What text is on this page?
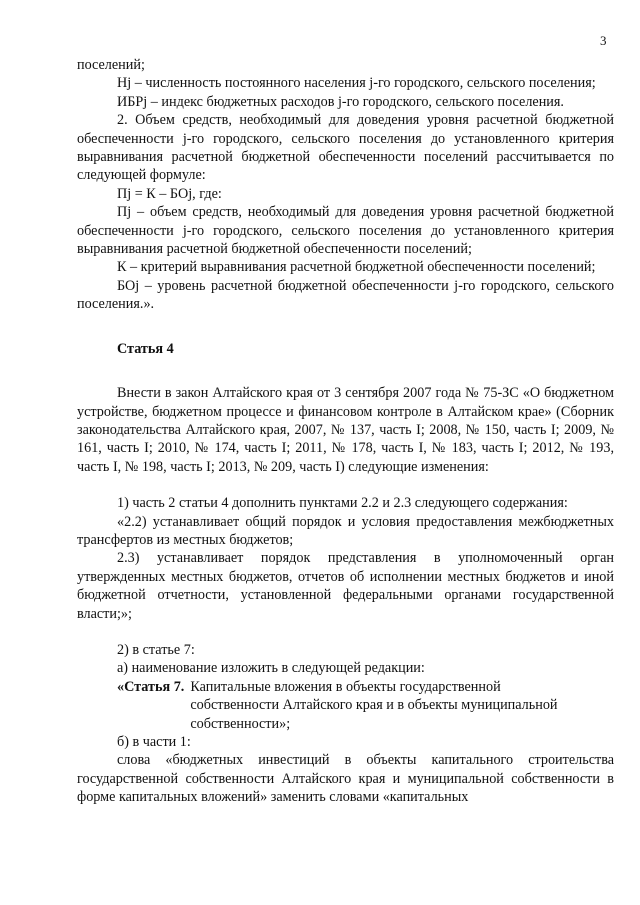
3

поселений;

Hj – численность постоянного населения j-го городского, сельского поселения;

ИБРj – индекс бюджетных расходов j-го городского, сельского поселения.

2. Объем средств, необходимый для доведения уровня расчетной бюджетной обеспеченности j-го городского, сельского поселения до установленного критерия выравнивания расчетной бюджетной обеспеченности поселений рассчитывается по следующей формуле:

Пj = К – БОj, где:

Пj – объем средств, необходимый для доведения уровня расчетной бюджетной обеспеченности j-го городского, сельского поселения до установленного критерия выравнивания расчетной бюджетной обеспеченности поселений;

К – критерий выравнивания расчетной бюджетной обеспеченности поселений;

БОj – уровень расчетной бюджетной обеспеченности j-го городского, сельского поселения.».

Статья 4

Внести в закон Алтайского края от 3 сентября 2007 года № 75-ЗС «О бюджетном устройстве, бюджетном процессе и финансовом контроле в Алтайском крае» (Сборник законодательства Алтайского края, 2007, № 137, часть I; 2008, № 150, часть I; 2009, № 161, часть I; 2010, № 174, часть I; 2011, № 178, часть I, № 183, часть I; 2012, № 193, часть I, № 198, часть I; 2013, № 209, часть I) следующие изменения:

1) часть 2 статьи 4 дополнить пунктами 2.2 и 2.3 следующего содержания:

«2.2) устанавливает общий порядок и условия предоставления межбюджетных трансфертов из местных бюджетов;

2.3) устанавливает порядок представления в уполномоченный орган утвержденных местных бюджетов, отчетов об исполнении местных бюджетов и иной бюджетной отчетности, установленной федеральными органами государственной власти;»;

2) в статье 7:

а) наименование изложить в следующей редакции:

«Статья 7. Капитальные вложения в объекты государственной
собственности Алтайского края и в объекты муниципальной
собственности»;

б) в части 1:

слова «бюджетных инвестиций в объекты капитального строительства государственной собственности Алтайского края и муниципальной собственности в форме капитальных вложений» заменить словами «капитальных
